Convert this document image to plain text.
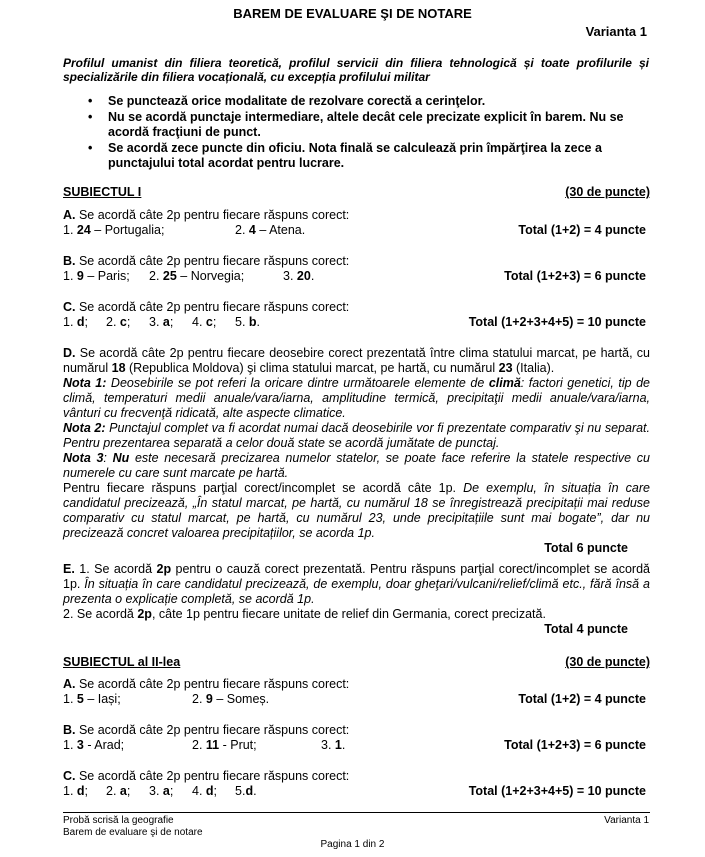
BAREM DE EVALUARE ŞI DE NOTARE
Varianta 1
Profilul umanist din filiera teoretică, profilul servicii din filiera tehnologică și toate profilurile și specializările din filiera vocațională, cu excepția profilului militar
• Se punctează orice modalitate de rezolvare corectă a cerinţelor.
• Nu se acordă punctaje intermediare, altele decât cele precizate explicit în barem. Nu se acordă fracţiuni de punct.
• Se acordă zece puncte din oficiu. Nota finală se calculează prin împărţirea la zece a punctajului total acordat pentru lucrare.
SUBIECTUL I	(30 de puncte)
A. Se acordă câte 2p pentru fiecare răspuns corect:
1. 24 – Portugalia;	2. 4 – Atena.	Total (1+2) = 4 puncte
B. Se acordă câte 2p pentru fiecare răspuns corect:
1. 9 – Paris; 2. 25 – Norvegia;	3. 20.	Total (1+2+3) = 6 puncte
C. Se acordă câte 2p pentru fiecare răspuns corect:
1. d; 2. c; 3. a; 4. c; 5. b.	Total (1+2+3+4+5) = 10 puncte
D. Se acordă câte 2p pentru fiecare deosebire corect prezentată între clima statului marcat, pe hartă, cu numărul 18 (Republica Moldova) şi clima statului marcat, pe hartă, cu numărul 23 (Italia).
Nota 1: Deosebirile se pot referi la oricare dintre următoarele elemente de climă: factori genetici, tip de climă, temperaturi medii anuale/vara/iarna, amplitudine termică, precipitaţii medii anuale/vara/iarna, vânturi cu frecvenţă ridicată, alte aspecte climatice.
Nota 2: Punctajul complet va fi acordat numai dacă deosebirile vor fi prezentate comparativ şi nu separat. Pentru prezentarea separată a celor două state se acordă jumătate de punctaj.
Nota 3: Nu este necesară precizarea numelor statelor, se poate face referire la statele respective cu numerele cu care sunt marcate pe hartă.
Pentru fiecare răspuns parţial corect/incomplet se acordă câte 1p. De exemplu, în situația în care candidatul precizează, „În statul marcat, pe hartă, cu numărul 18 se înregistrează precipitații mai reduse comparativ cu statul marcat, pe hartă, cu numărul 23, unde precipitațiile sunt mai bogate”, dar nu precizează concret valoarea precipitațiilor, se acorda 1p.
Total 6 puncte
E. 1. Se acordă 2p pentru o cauză corect prezentată. Pentru răspuns parţial corect/incomplet se acordă 1p. În situația în care candidatul precizează, de exemplu, doar gheţari/vulcani/relief/climă etc., fără însă a prezenta o explicație completă, se acordă 1p.
2. Se acordă 2p, câte 1p pentru fiecare unitate de relief din Germania, corect precizată.
Total 4 puncte
SUBIECTUL al II-lea	(30 de puncte)
A. Se acordă câte 2p pentru fiecare răspuns corect:
1. 5 – Iași;	2. 9 – Someș.	Total (1+2) = 4 puncte
B. Se acordă câte 2p pentru fiecare răspuns corect:
1. 3 - Arad;	2. 11 - Prut;	3. 1.	Total (1+2+3) = 6 puncte
C. Se acordă câte 2p pentru fiecare răspuns corect:
1. d; 2. a; 3. a; 4. d; 5.d.	Total (1+2+3+4+5) = 10 puncte
Probă scrisă la geografie
Barem de evaluare şi de notare
Varianta 1
Pagina 1 din 2
